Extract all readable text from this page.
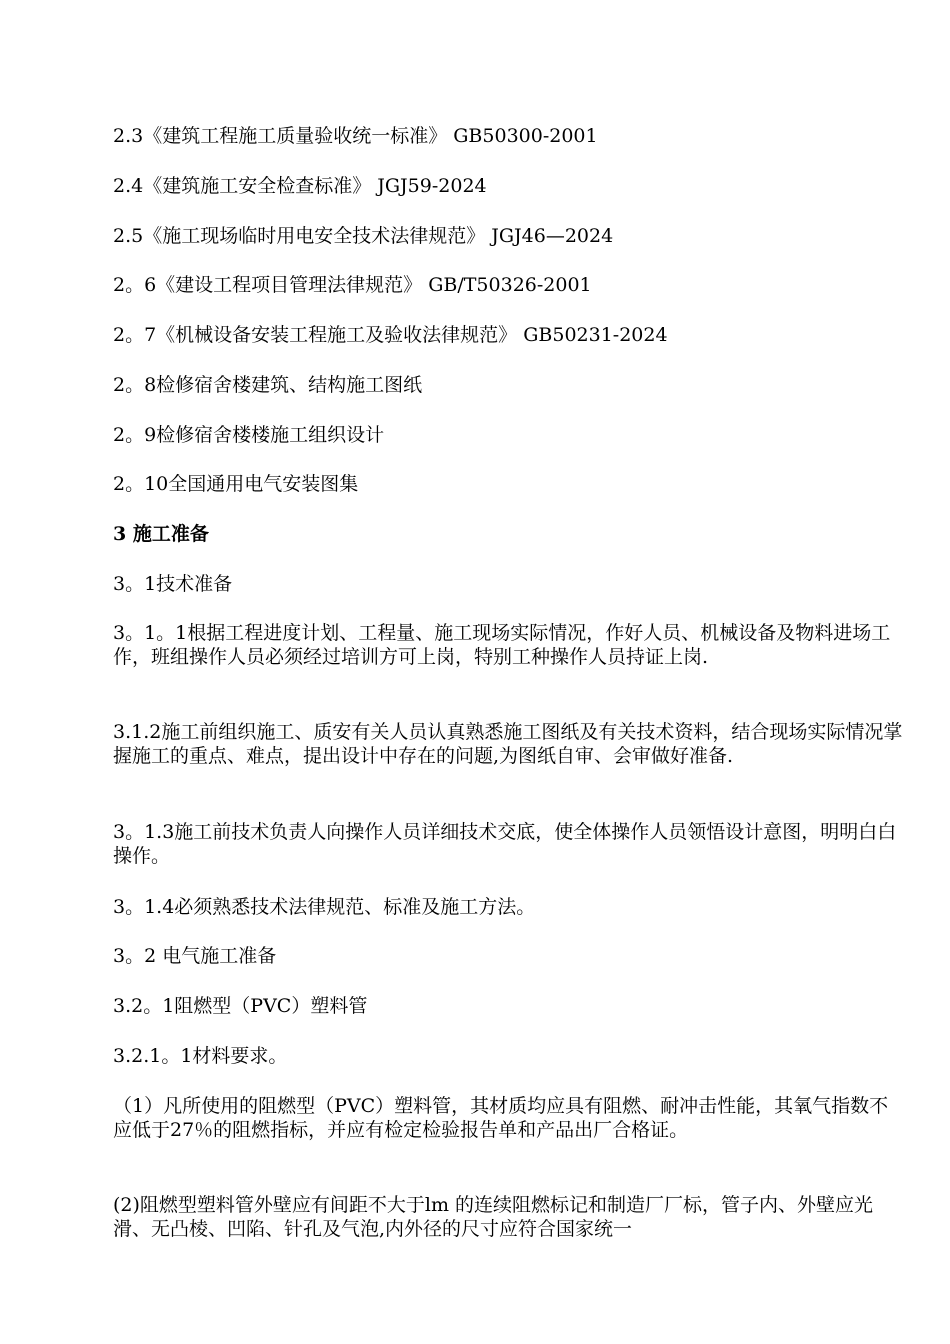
2.3《建筑工程施工质量验收统一标准》 GB50300-2001

2.4《建筑施工安全检查标准》 JGJ59-2024

2.5《施工现场临时用电安全技术法律规范》 JGJ46—2024

2。6《建设工程项目管理法律规范》 GB/T50326-2001

2。7《机械设备安装工程施工及验收法律规范》 GB50231-2024

2。8检修宿舍楼建筑、结构施工图纸

2。9检修宿舍楼楼施工组织设计

2。10全国通用电气安装图集

3 施工准备

3。1技术准备

3。1。1根据工程进度计划、工程量、施工现场实际情况，作好人员、机械设备及物料进场工作，班组操作人员必须经过培训方可上岗，特别工种操作人员持证上岗.

3.1.2施工前组织施工、质安有关人员认真熟悉施工图纸及有关技术资料，结合现场实际情况掌握施工的重点、难点，提出设计中存在的问题,为图纸自审、会审做好准备.

3。1.3施工前技术负责人向操作人员详细技术交底，使全体操作人员领悟设计意图，明明白白操作。

3。1.4必须熟悉技术法律规范、标准及施工方法。

3。2 电气施工准备

3.2。1阻燃型（PVC）塑料管

3.2.1。1材料要求。

（1）凡所使用的阻燃型（PVC）塑料管，其材质均应具有阻燃、耐冲击性能，其氧气指数不应低于27％的阻燃指标，并应有检定检验报告单和产品出厂合格证。

(2)阻燃型塑料管外壁应有间距不大于lm 的连续阻燃标记和制造厂厂标，管子内、外壁应光滑、无凸棱、凹陷、针孔及气泡,内外径的尺寸应符合国家统一
